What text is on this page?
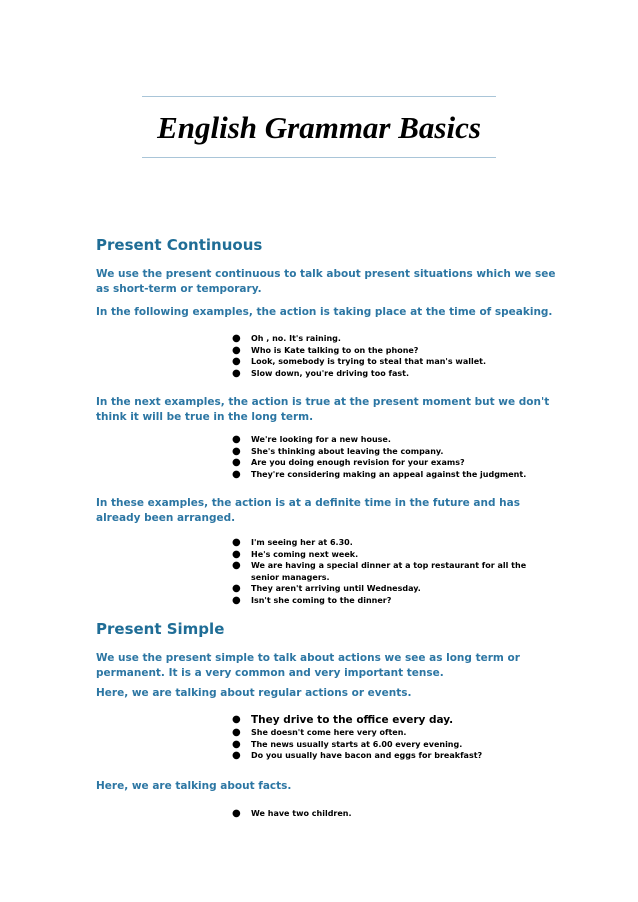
English Grammar Basics
Present Continuous

We use the present continuous to talk about present situations which we see as short-term or temporary.

In the following examples, the action is taking place at the time of speaking.

● Oh , no. It's raining.
● Who is Kate talking to on the phone?
● Look, somebody is trying to steal that man's wallet.
● Slow down, you're driving too fast.

In the next examples, the action is true at the present moment but we don't think it will be true in the long term.

● We're looking for a new house.
● She's thinking about leaving the company.
● Are you doing enough revision for your exams?
● They're considering making an appeal against the judgment.

In these examples, the action is at a definite time in the future and has already been arranged.

● I'm seeing her at 6.30.
● He's coming next week.
● We are having a special dinner at a top restaurant for all the senior managers.
● They aren't arriving until Wednesday.
● Isn't she coming to the dinner?
Present Simple

We use the present simple to talk about actions we see as long term or permanent. It is a very common and very important tense.

Here, we are talking about regular actions or events.

● They drive to the office every day.
● She doesn't come here very often.
● The news usually starts at 6.00 every evening.
● Do you usually have bacon and eggs for breakfast?

Here, we are talking about facts.

● We have two children.
